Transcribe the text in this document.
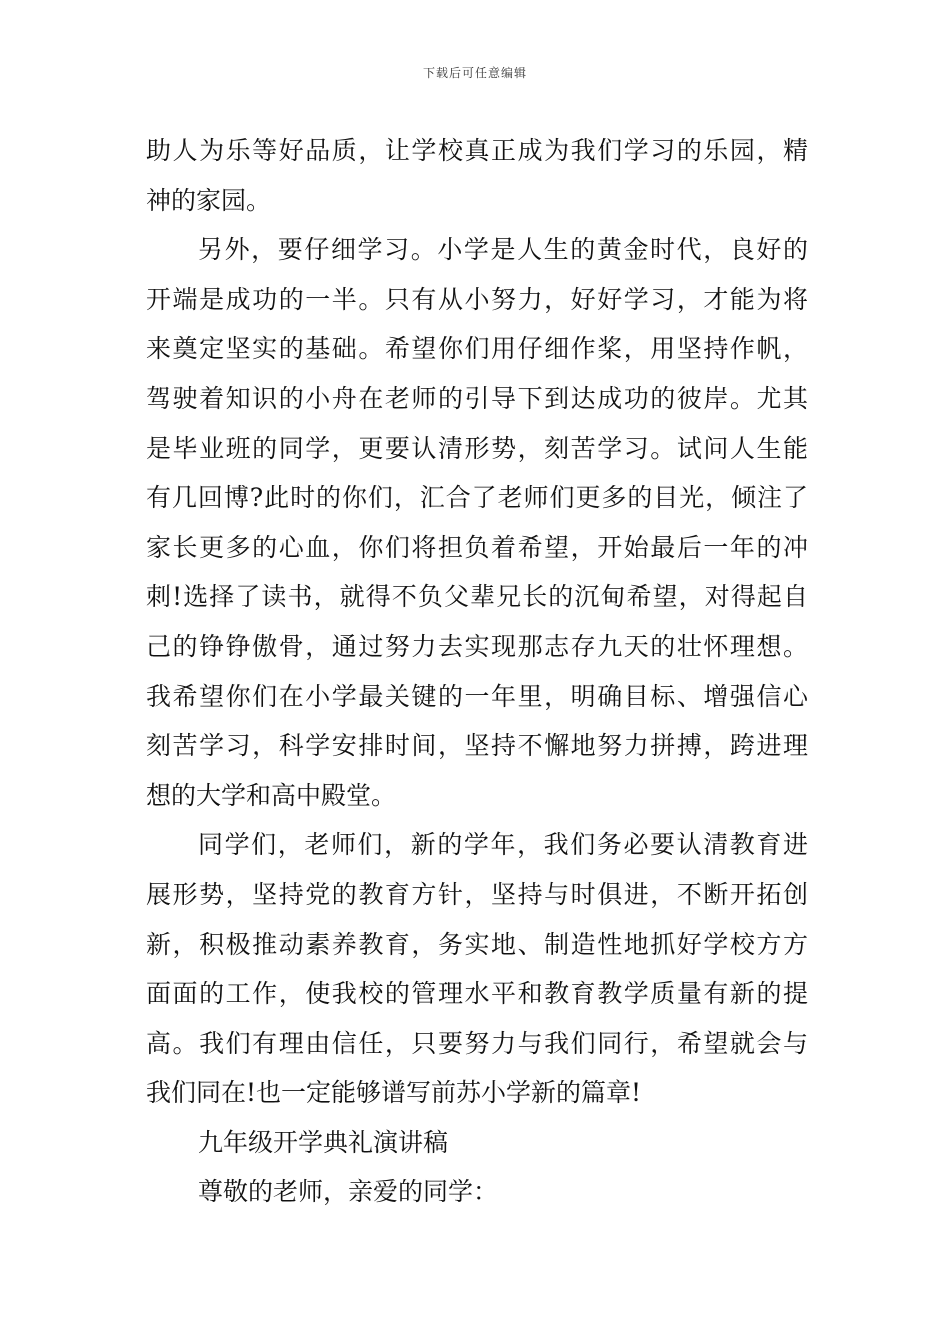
下载后可任意编辑
助人为乐等好品质，让学校真正成为我们学习的乐园，精
神的家园。
另外，要仔细学习。小学是人生的黄金时代，良好的
开端是成功的一半。只有从小努力，好好学习，才能为将
来奠定坚实的基础。希望你们用仔细作桨，用坚持作帆，
驾驶着知识的小舟在老师的引导下到达成功的彼岸。尤其
是毕业班的同学，更要认清形势，刻苦学习。试问人生能
有几回博?此时的你们，汇合了老师们更多的目光，倾注了
家长更多的心血，你们将担负着希望，开始最后一年的冲
刺!选择了读书，就得不负父辈兄长的沉甸希望，对得起自
己的铮铮傲骨，通过努力去实现那志存九天的壮怀理想。
我希望你们在小学最关键的一年里，明确目标、增强信心
刻苦学习，科学安排时间，坚持不懈地努力拼搏，跨进理
想的大学和高中殿堂。
同学们，老师们，新的学年，我们务必要认清教育进
展形势，坚持党的教育方针，坚持与时俱进，不断开拓创
新，积极推动素养教育，务实地、制造性地抓好学校方方
面面的工作，使我校的管理水平和教育教学质量有新的提
高。我们有理由信任，只要努力与我们同行，希望就会与
我们同在!也一定能够谱写前苏小学新的篇章!
九年级开学典礼演讲稿
尊敬的老师，亲爱的同学：
